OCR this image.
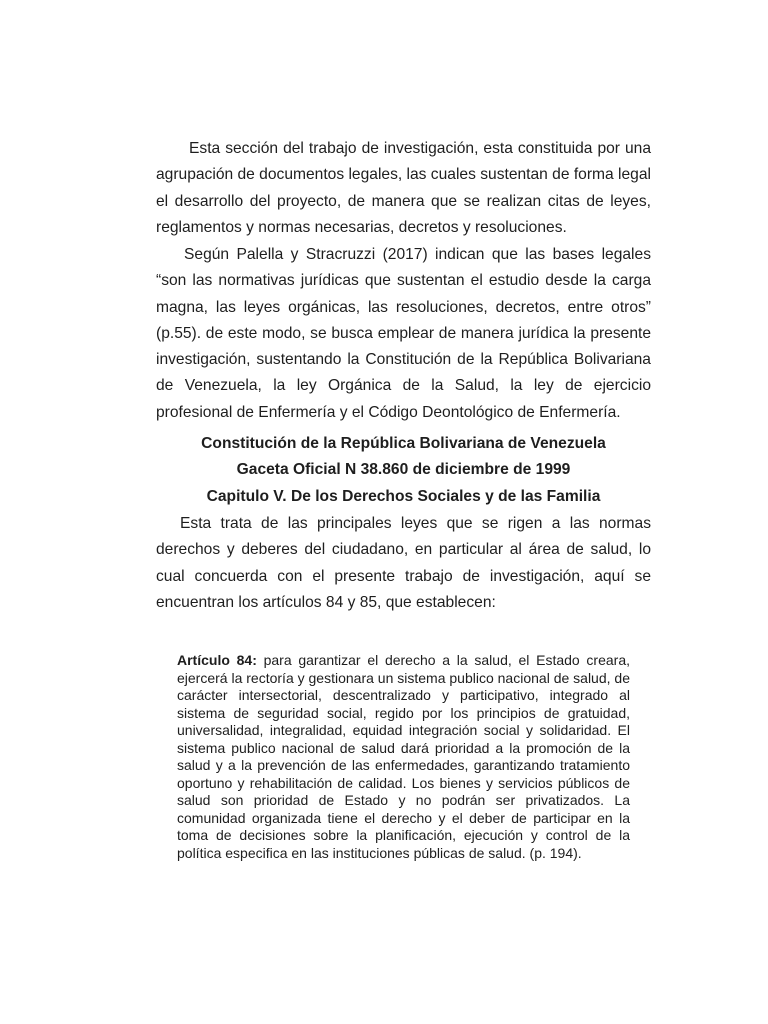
Esta sección del trabajo de investigación, esta constituida por una agrupación de documentos legales, las cuales sustentan de forma legal el desarrollo del proyecto, de manera que se realizan citas de leyes, reglamentos y normas necesarias, decretos y resoluciones.

Según Palella y Stracruzzi (2017) indican que las bases legales “son las normativas jurídicas que sustentan el estudio desde la carga magna, las leyes orgánicas, las resoluciones, decretos, entre otros” (p.55). de este modo, se busca emplear de manera jurídica la presente investigación, sustentando la Constitución de la República Bolivariana de Venezuela, la ley Orgánica de la Salud, la ley de ejercicio profesional de Enfermería y el Código Deontológico de Enfermería.

Constitución de la República Bolivariana de Venezuela

Gaceta Oficial N 38.860 de diciembre de 1999

Capitulo V. De los Derechos Sociales y de las Familia

Esta trata de las principales leyes que se rigen a las normas derechos y deberes del ciudadano, en particular al área de salud, lo cual concuerda con el presente trabajo de investigación, aquí se encuentran los artículos 84 y 85, que establecen:

Artículo 84: para garantizar el derecho a la salud, el Estado creara, ejercerá la rectoría y gestionara un sistema publico nacional de salud, de carácter intersectorial, descentralizado y participativo, integrado al sistema de seguridad social, regido por los principios de gratuidad, universalidad, integralidad, equidad integración social y solidaridad. El sistema publico nacional de salud dará prioridad a la promoción de la salud y a la prevención de las enfermedades, garantizando tratamiento oportuno y rehabilitación de calidad. Los bienes y servicios públicos de salud son prioridad de Estado y no podrán ser privatizados. La comunidad organizada tiene el derecho y el deber de participar en la toma de decisiones sobre la planificación, ejecución y control de la política especifica en las instituciones públicas de salud. (p. 194).
